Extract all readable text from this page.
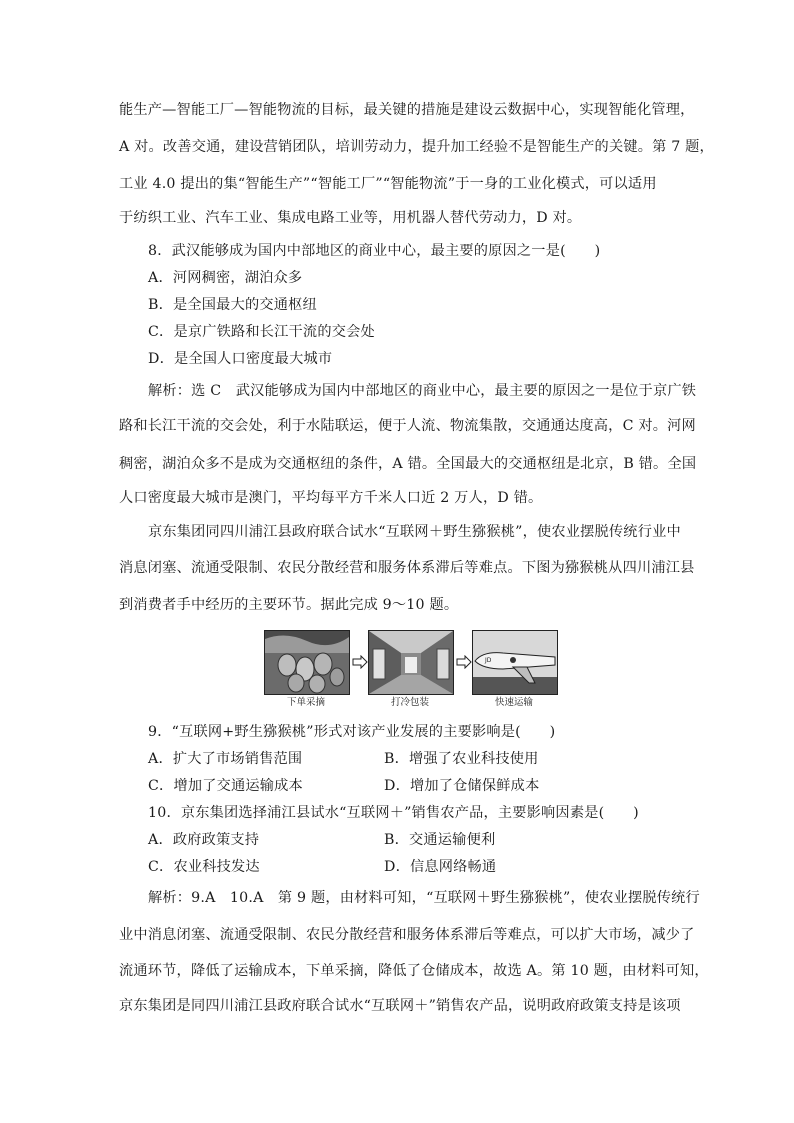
能生产—智能工厂—智能物流的目标，最关键的措施是建设云数据中心，实现智能化管理，
A 对。改善交通，建设营销团队，培训劳动力，提升加工经验不是智能生产的关键。第 7 题，
工业 4.0 提出的集“智能生产”“智能工厂”“智能物流”于一身的工业化模式，可以适用
于纺织工业、汽车工业、集成电路工业等，用机器人替代劳动力，D 对。
8．武汉能够成为国内中部地区的商业中心，最主要的原因之一是(　　)
A．河网稠密，湖泊众多
B．是全国最大的交通枢纽
C．是京广铁路和长江干流的交会处
D．是全国人口密度最大城市
解析：选 C　武汉能够成为国内中部地区的商业中心，最主要的原因之一是位于京广铁
路和长江干流的交会处，利于水陆联运，便于人流、物流集散，交通通达度高，C 对。河网
稠密，湖泊众多不是成为交通枢纽的条件，A 错。全国最大的交通枢纽是北京，B 错。全国
人口密度最大城市是澳门，平均每平方千米人口近 2 万人，D 错。
京东集团同四川浦江县政府联合试水“互联网＋野生猕猴桃”，使农业摆脱传统行业中
消息闭塞、流通受限制、农民分散经营和服务体系滞后等难点。下图为猕猴桃从四川浦江县
到消费者手中经历的主要环节。据此完成 9～10 题。
JD
下单采摘	打冷包装	快速运输
9．“互联网+野生猕猴桃”形式对该产业发展的主要影响是(　　)
A．扩大了市场销售范围	B．增强了农业科技使用
C．增加了交通运输成本	D．增加了仓储保鲜成本
10．京东集团选择浦江县试水“互联网＋”销售农产品，主要影响因素是(　　)
A．政府政策支持	B．交通运输便利
C．农业科技发达	D．信息网络畅通
解析：9.A　10.A　第 9 题，由材料可知，“互联网＋野生猕猴桃”，使农业摆脱传统行
业中消息闭塞、流通受限制、农民分散经营和服务体系滞后等难点，可以扩大市场，减少了
流通环节，降低了运输成本，下单采摘，降低了仓储成本，故选 A。第 10 题，由材料可知，
京东集团是同四川浦江县政府联合试水“互联网＋”销售农产品，说明政府政策支持是该项
